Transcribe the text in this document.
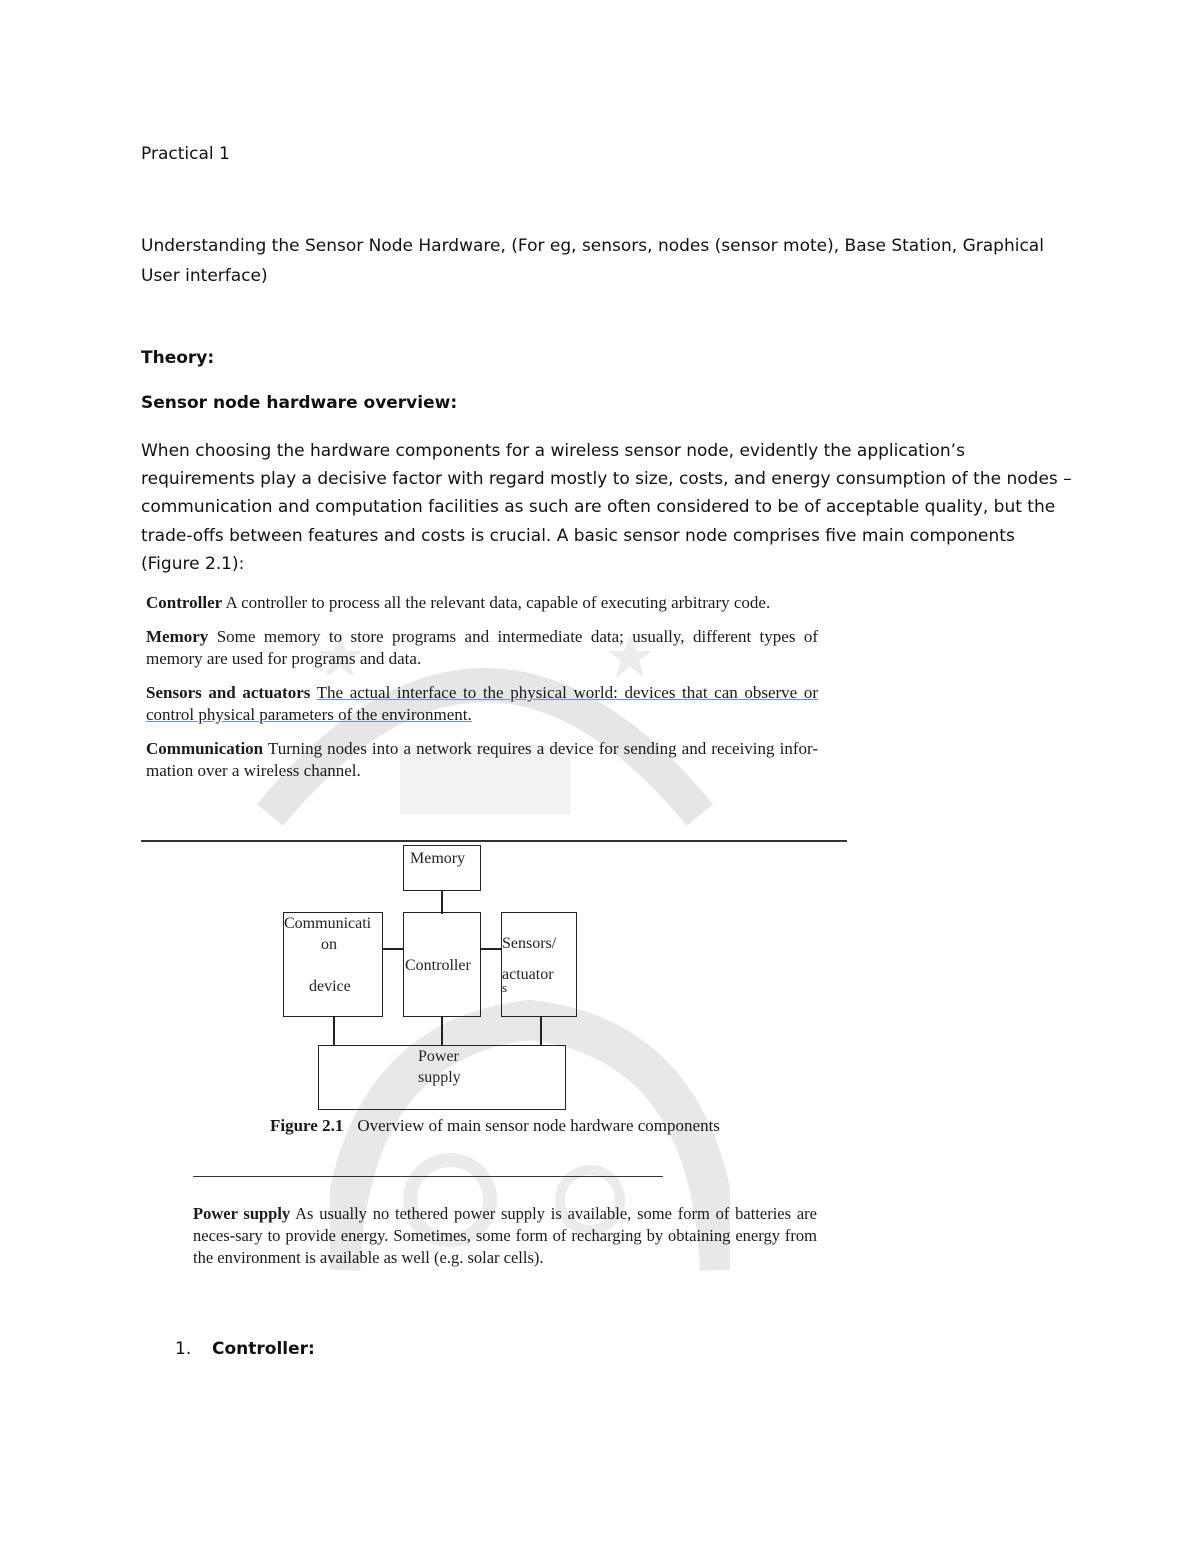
Practical 1
Understanding the Sensor Node Hardware, (For eg, sensors, nodes (sensor mote), Base Station, Graphical User interface)
Theory:
Sensor node hardware overview:
When choosing the hardware components for a wireless sensor node, evidently the application’s requirements play a decisive factor with regard mostly to size, costs, and energy consumption of the nodes – communication and computation facilities as such are often considered to be of acceptable quality, but the trade-offs between features and costs is crucial. A basic sensor node comprises five main components (Figure 2.1):
Controller A controller to process all the relevant data, capable of executing arbitrary code.
Memory Some memory to store programs and intermediate data; usually, different types of memory are used for programs and data.
Sensors and actuators The actual interface to the physical world: devices that can observe or control physical parameters of the environment.
Communication Turning nodes into a network requires a device for sending and receiving infor-mation over a wireless channel.
Memory
Communicati
on
device
Controller
Sensors/
actuator
s
Power
supply
Figure 2.1 Overview of main sensor node hardware components
Power supply As usually no tethered power supply is available, some form of batteries are neces-sary to provide energy. Sometimes, some form of recharging by obtaining energy from the environment is available as well (e.g. solar cells).
1. Controller:
